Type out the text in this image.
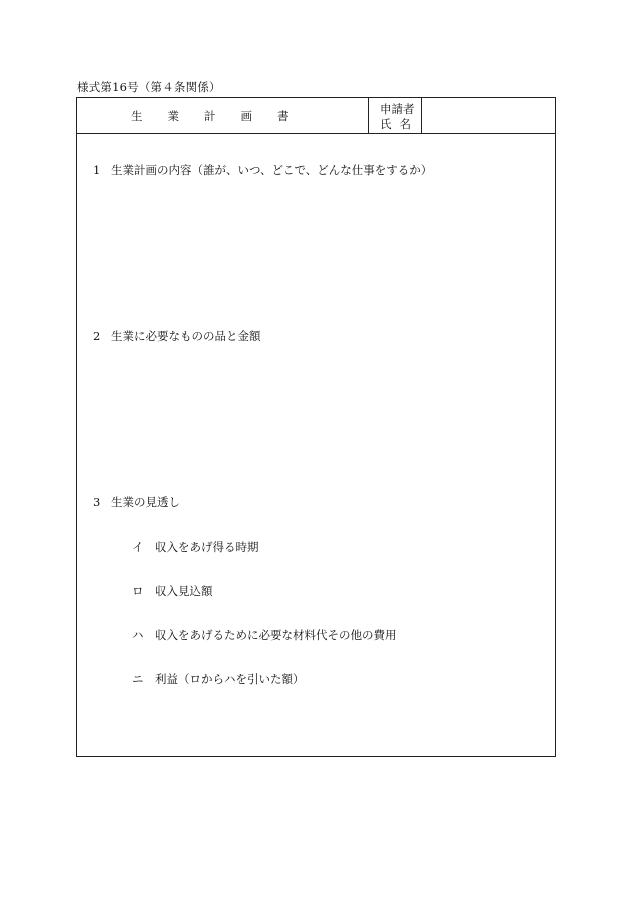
様式第16号（第４条関係）
生業計画書	申請者
氏名
1 生業計画の内容（誰が、いつ、どこで、どんな仕事をするか）
2 生業に必要なものの品と金額
3 生業の見透し
イ 収入をあげ得る時期
ロ 収入見込額
ハ 収入をあげるために必要な材料代その他の費用
ニ 利益（ロからハを引いた額）
